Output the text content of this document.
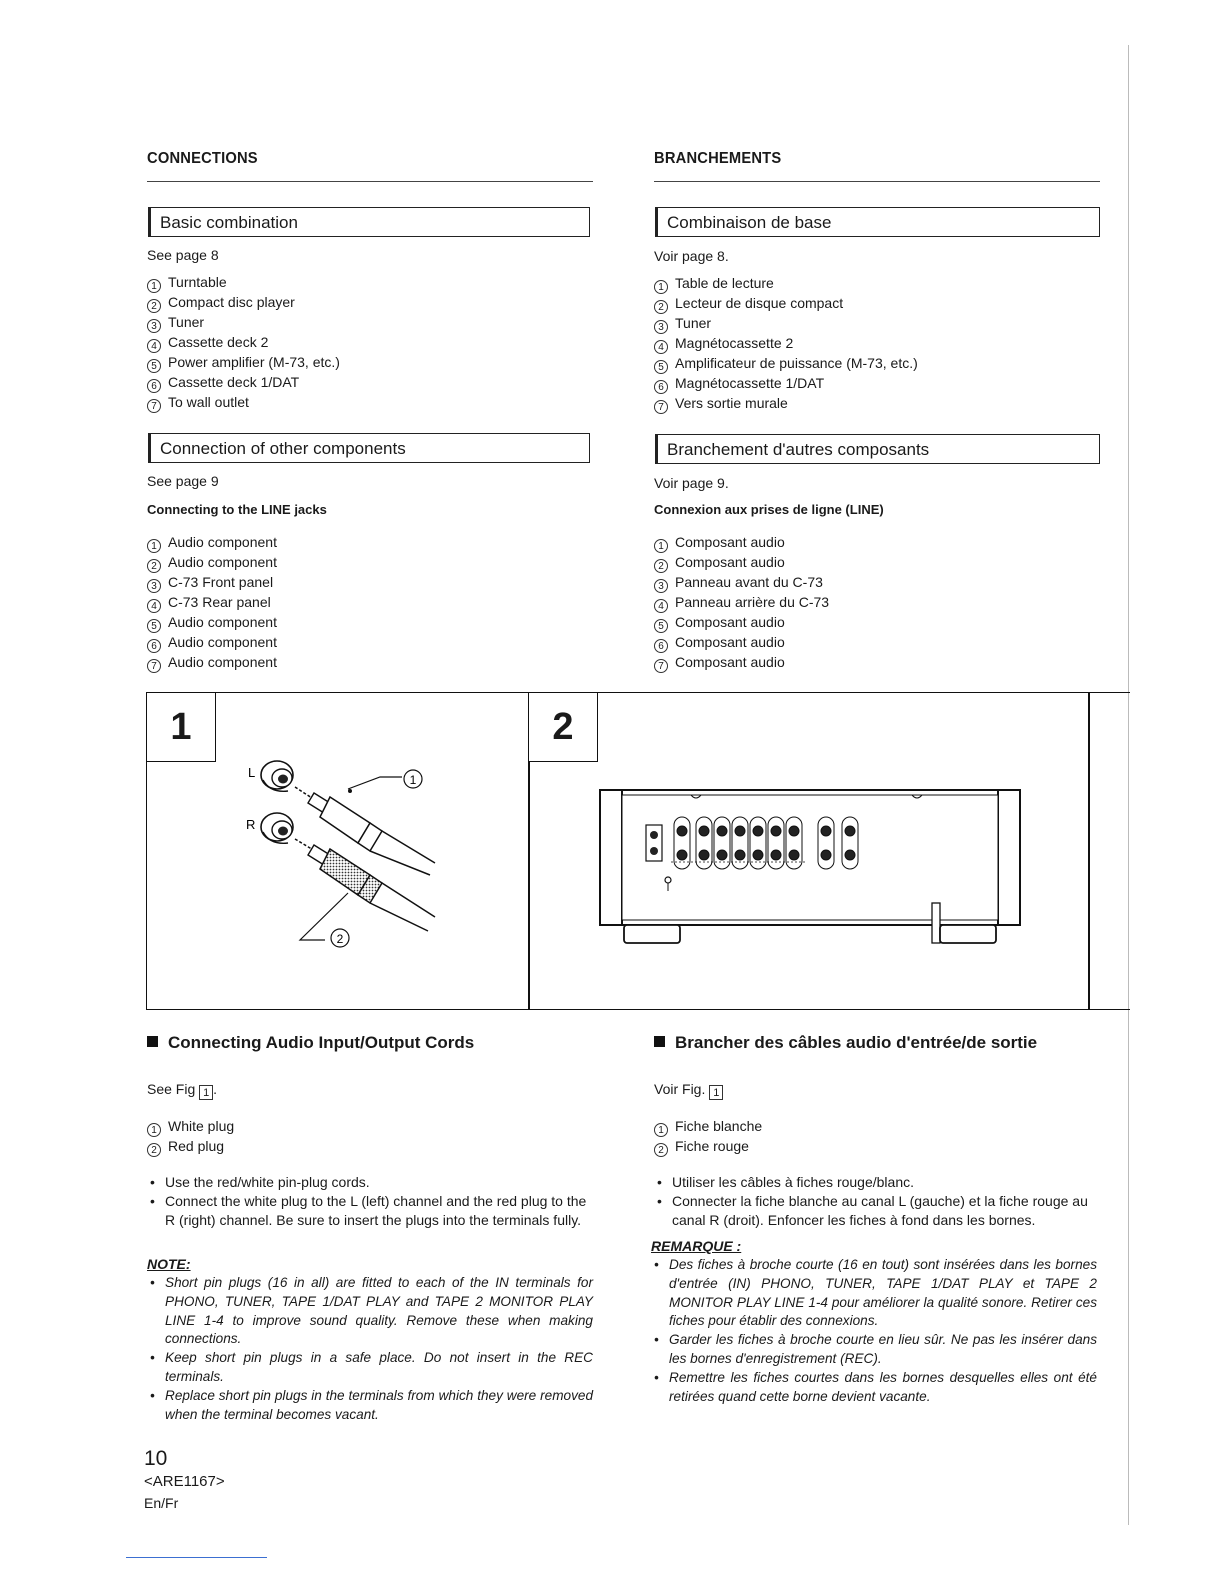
CONNECTIONS
Basic combination
See page 8
1 Turntable
2 Compact disc player
3 Tuner
4 Cassette deck 2
5 Power amplifier (M-73, etc.)
6 Cassette deck 1/DAT
7 To wall outlet
Connection of other components
See page 9
Connecting to the LINE jacks
1 Audio component
2 Audio component
3 C-73 Front panel
4 C-73 Rear panel
5 Audio component
6 Audio component
7 Audio component
BRANCHEMENTS
Combinaison de base
Voir page 8.
1 Table de lecture
2 Lecteur de disque compact
3 Tuner
4 Magnétocassette 2
5 Amplificateur de puissance (M-73, etc.)
6 Magnétocassette 1/DAT
7 Vers sortie murale
Branchement d'autres composants
Voir page 9.
Connexion aux prises de ligne (LINE)
1 Composant audio
2 Composant audio
3 Panneau avant du C-73
4 Panneau arrière du C-73
5 Composant audio
6 Composant audio
7 Composant audio
1	2
L
R
1
2
Connecting Audio Input/Output Cords
See Fig 1 .
1 White plug
2 Red plug
• Use the red/white pin-plug cords.
• Connect the white plug to the L (left) channel and the red plug to the R (right) channel. Be sure to insert the plugs into the terminals fully.
NOTE:
• Short pin plugs (16 in all) are fitted to each of the IN terminals for PHONO, TUNER, TAPE 1/DAT PLAY and TAPE 2 MONITOR PLAY LINE 1-4 to improve sound quality. Remove these when making connections.
• Keep short pin plugs in a safe place. Do not insert in the REC terminals.
• Replace short pin plugs in the terminals from which they were removed when the terminal becomes vacant.
Brancher des câbles audio d'entrée/de sortie
Voir Fig. 1
1 Fiche blanche
2 Fiche rouge
• Utiliser les câbles à fiches rouge/blanc.
• Connecter la fiche blanche au canal L (gauche) et la fiche rouge au canal R (droit). Enfoncer les fiches à fond dans les bornes.
REMARQUE :
• Des fiches à broche courte (16 en tout) sont insérées dans les bornes d'entrée (IN) PHONO, TUNER, TAPE 1/DAT PLAY et TAPE 2 MONITOR PLAY LINE 1-4 pour améliorer la qualité sonore. Retirer ces fiches pour établir des connexions.
• Garder les fiches à broche courte en lieu sûr. Ne pas les insérer dans les bornes d'enregistrement (REC).
• Remettre les fiches courtes dans les bornes desquelles elles ont été retirées quand cette borne devient vacante.
10
<ARE1167>
En/Fr
